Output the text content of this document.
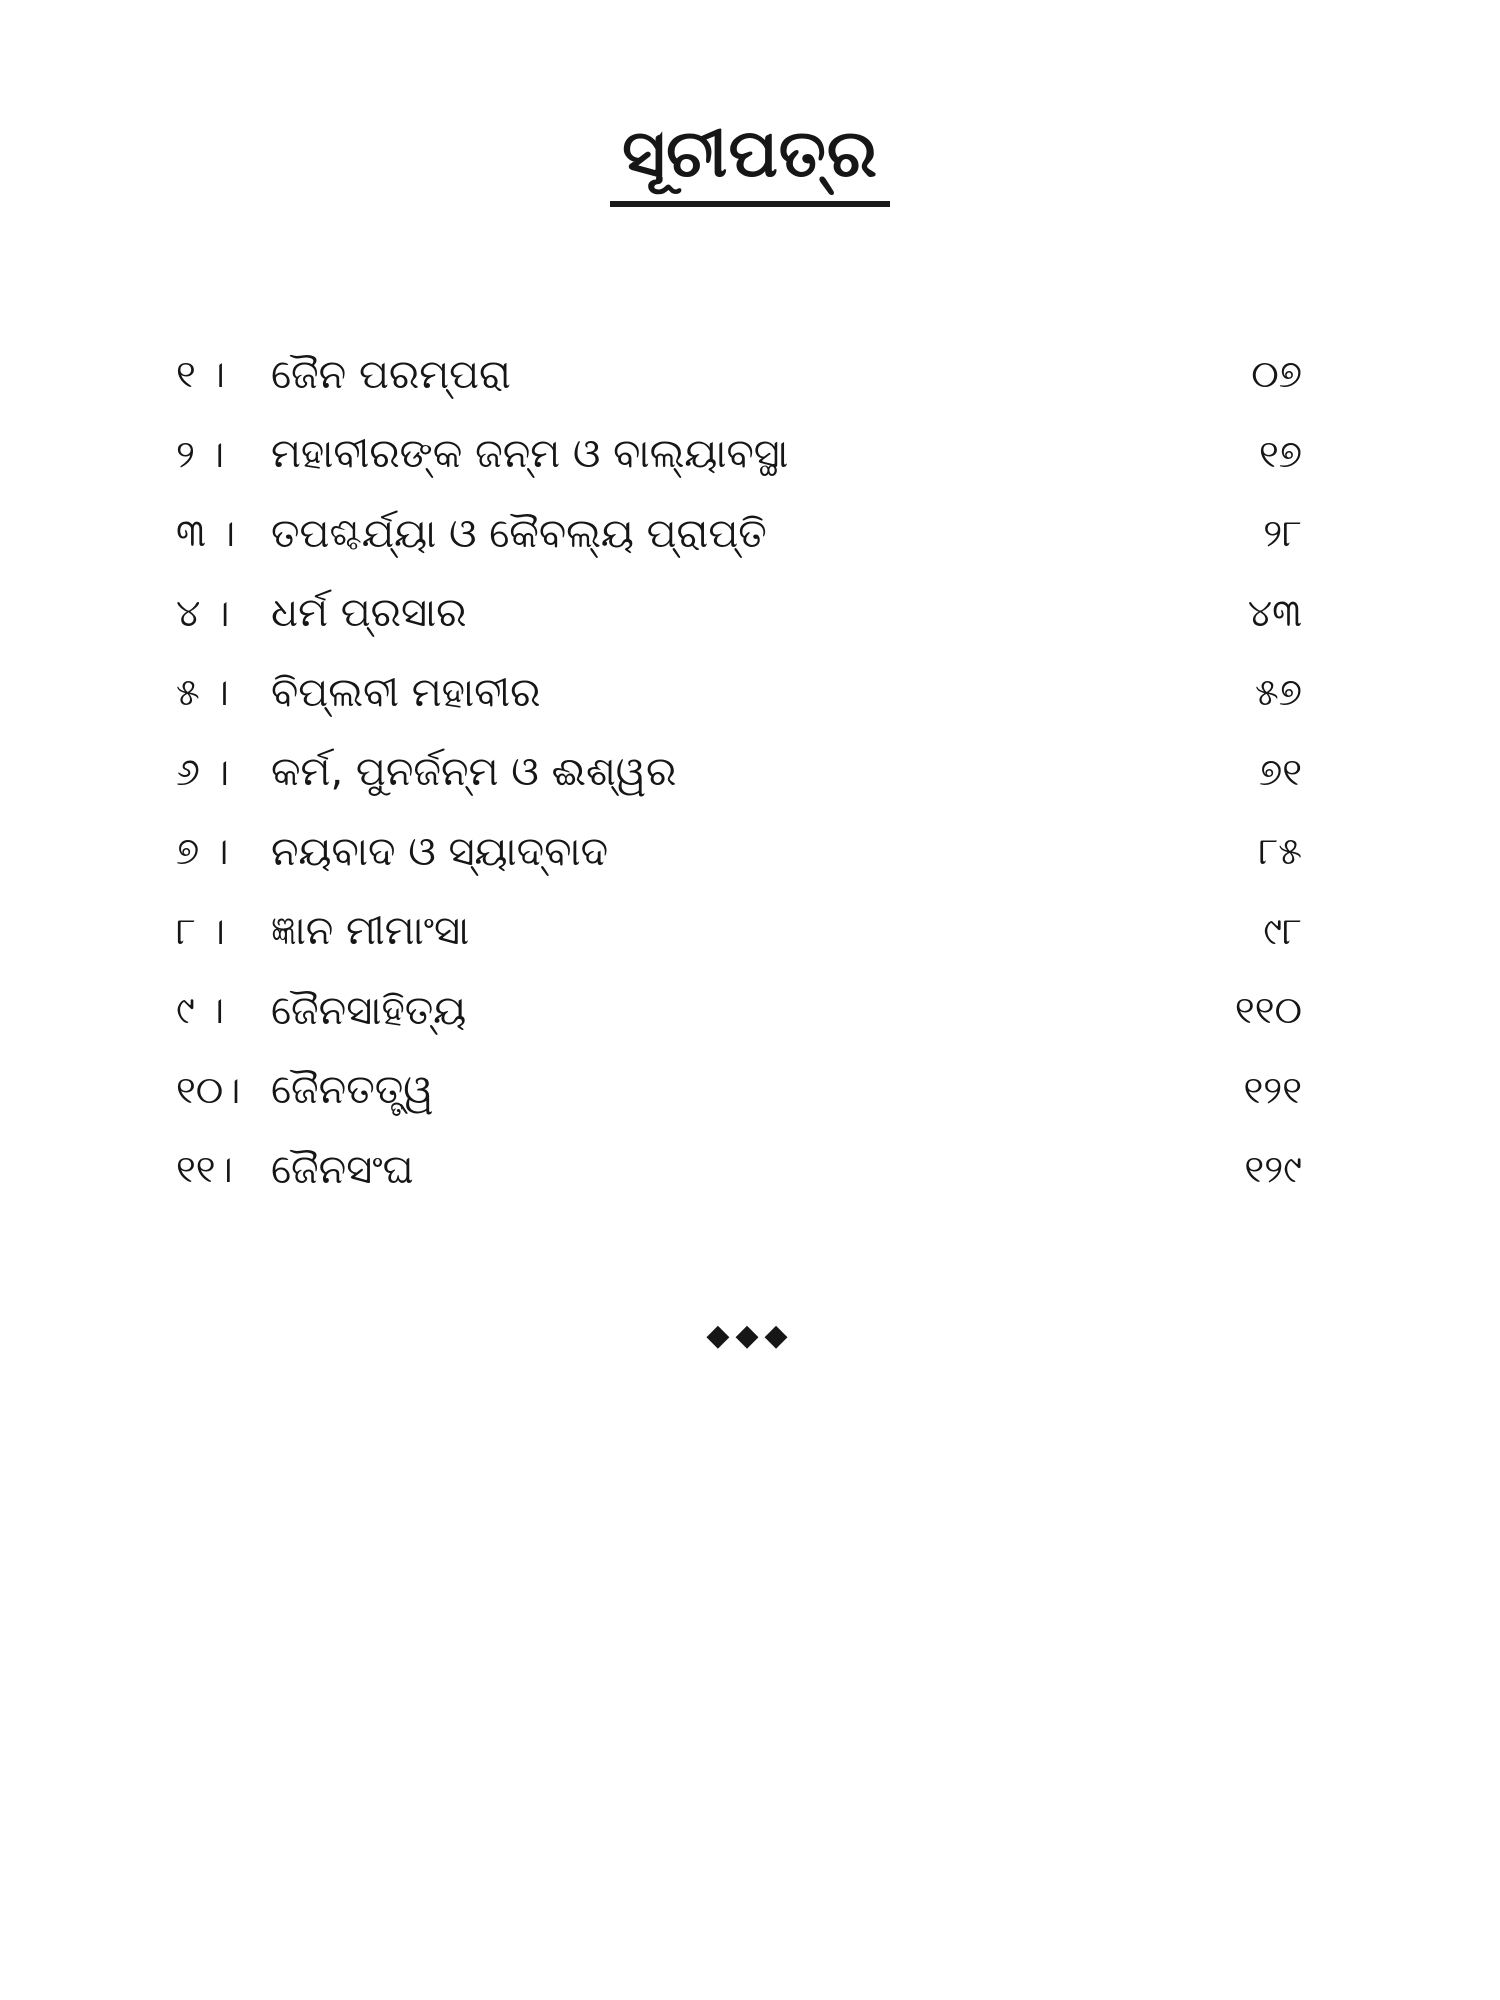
ସୂଚୀପତ୍ର
୧ ।	ଜୈନ ପରମ୍ପରା	୦୭
୨ ।	ମହାବୀରଙ୍କ ଜନ୍ମ ଓ ବାଲ୍ୟାବସ୍ଥା	୧୭
୩ । ତପଶ୍ଚର୍ଯ୍ୟା ଓ କୈବଲ୍ୟ ପ୍ରାପ୍ତି	୨୮
୪ ।	ଧର୍ମ ପ୍ରସାର	୪୩
୫ ।	ବିପ୍ଲବୀ ମହାବୀର	୫୭
୬ ।	କର୍ମ, ପୁନର୍ଜନ୍ମ ଓ ଈଶ୍ୱର	୭୧
୭ ।	ନୟବାଦ ଓ ସ୍ୟାଦ୍‌ବାଦ	୮୫
୮ ।	ଜ୍ଞାନ ମୀମାଂସା	୯୮
୯ ।	ଜୈନସାହିତ୍ୟ	୧୧୦
୧୦। ଜୈନତତ୍ତ୍ୱ	୧୨୧
୧୧। ଜୈନସଂଘ	୧୨୯
◆◆◆
